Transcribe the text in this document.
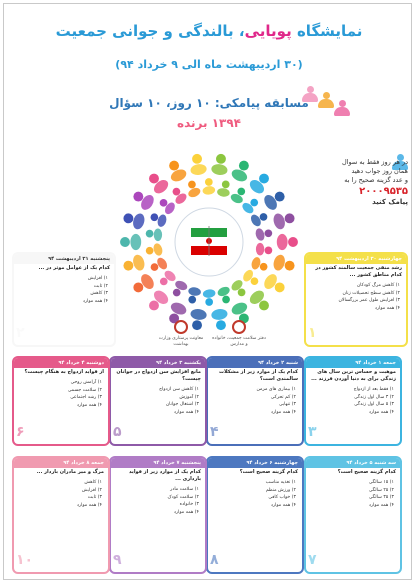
نمایشگاه پویایی، بالندگی و جوانی جمعیت
(۳۰ اردیبهشت ماه الی ۹ خرداد ۹۴)
مسابقه پیامکی: ۱۰ روز، ۱۰ سؤال
۱۳۹۴ برنده
در هر روز فقط به سوال
همان روز جواب دهید
و عدد گزینه صحیح را به
۲۰۰۰۹۵۳۵
پیامک کنید
معاونت پرستاری وزارت بهداشت
دفتر سلامت جمعیت، خانواده و مدارس
چهارشنبه ۳۰ اردیبهشت ۹۴
رشد منفی جمعیت سالمند کشور در کدام مناطق کشور ...
۱) کاهش مرگ کودکان
۲) کاهش سطح تحصیلات زنان
۳) افزایش طول عمر بزرگسالان
۴) همه موارد
۱
پنجشنبه ۳۱ اردیبهشت ۹۴
کدام یک از عوامل موثر در ...
۱) افزایش
۲) ثابت
۳) کاهش
۴) همه موارد
۲
جمعه ۱ خرداد ۹۴
موهبت و حساس ترین سال های زندگی برای به دنیا آوردن فرزند ...
۱) فقط بعد از ازدواج
۲) ۳ سال اول زندگی
۳) ۵ سال اول زندگی
۴) همه موارد
۳
شنبه ۲ خرداد ۹۴
کدام یک از موارد زیر از مشکلات سالمندی است؟
۱) بیماری های مزمن
۲) کم تحرکی
۳) تنهایی
۴) همه موارد
۴
یکشنبه ۳ خرداد ۹۴
مانع افزایش سن ازدواج در جوانان چیست؟
۱) کاهش سن ازدواج
۲) آموزش
۳) اشتغال جوانان
۴) همه موارد
۵
دوشنبه ۴ خرداد ۹۴
از فواید ازدواج به هنگام چیست؟
۱) آرامش روحی
۲) سلامت جسمی
۳) رشد اجتماعی
۴) همه موارد
۶
سه شنبه ۵ خرداد ۹۴
کدام گزینه صحیح است؟
۱) ۱۵ سالگی
۲) ۲۵ سالگی
۳) ۳۵ سالگی
۴) همه موارد
۷
چهارشنبه ۶ خرداد ۹۴
کدام گزینه صحیح است؟
۱) تغذیه مناسب
۲) ورزش منظم
۳) خواب کافی
۴) همه موارد
۸
پنجشنبه ۷ خرداد ۹۴
کدام یک از موارد زیر از فواید بارداری ...
۱) سلامت مادر
۲) سلامت کودک
۳) خانواده
۴) همه موارد
۹
جمعه ۸ خرداد ۹۴
مرگ و میر مادران باردار ...
۱) کاهش
۲) افزایش
۳) ثابت
۴) همه موارد
۱۰
